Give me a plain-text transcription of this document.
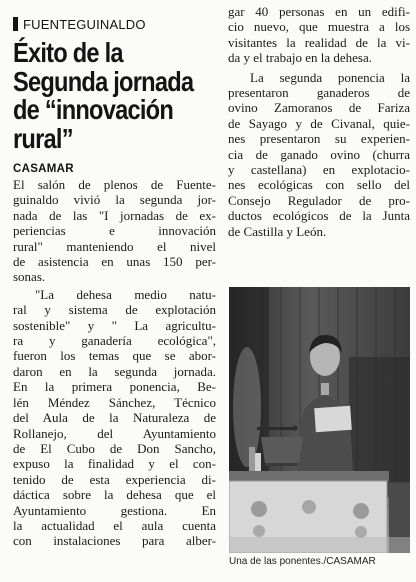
FUENTEGUINALDO
Éxito de la
Segunda jornada
de “innovación
rural”
CASAMAR

El salón de plenos de Fuente-
guinaldo vivió la segunda jor-
nada de las "I jornadas de ex-
periencias e innovación
rural" manteniendo el nivel
de asistencia en unas 150 per-
sonas.

"La dehesa medio natu-
ral y sistema de explotación
sostenible" y " La agricultu-
ra y ganadería ecológica",
fueron los temas que se abor-
daron en la segunda jornada.
En la primera ponencia, Be-
lén Méndez Sánchez, Técnico
del Aula de la Naturaleza de
Rollanejo, del Ayuntamiento
de El Cubo de Don Sancho,
expuso la finalidad y el con-
tenido de esta experiencia di-
dáctica sobre la dehesa que el
Ayuntamiento gestiona. En
la actualidad el aula cuenta
con instalaciones para alber-

gar 40 personas en un edifi-
cio nuevo, que muestra a los
visitantes la realidad de la vi-
da y el trabajo en la dehesa.

La segunda ponencia la
presentaron ganaderos de
ovino Zamoranos de Fariza
de Sayago y de Civanal, quie-
nes presentaron su experien-
cia de ganado ovino (churra
y castellana) en explotacio-
nes ecológicas con sello del
Consejo Regulador de pro-
ductos ecológicos de la Junta
de Castilla y León.

Una de las ponentes./CASAMAR
